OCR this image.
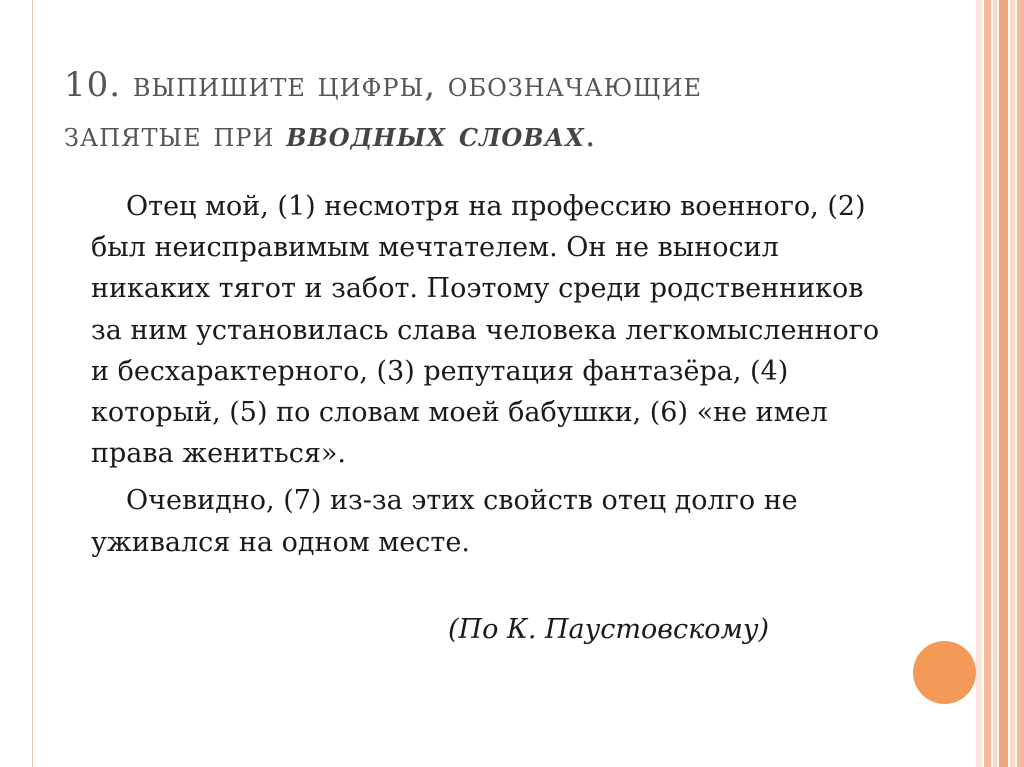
10. выпишите цифры, обозначающие
запятые при вводных словах.

Отец мой, (1) несмотря на профессию военного, (2) был неисправимым мечтателем. Он не выносил никаких тягот и забот. Поэтому среди родственников за ним установилась слава человека легкомысленного и бесхарактерного, (3) репутация фантазёра, (4) который, (5) по словам моей бабушки, (6) «не имел права жениться».

Очевидно, (7) из-за этих свойств отец долго не уживался на одном месте.

(По К. Паустовскому)
